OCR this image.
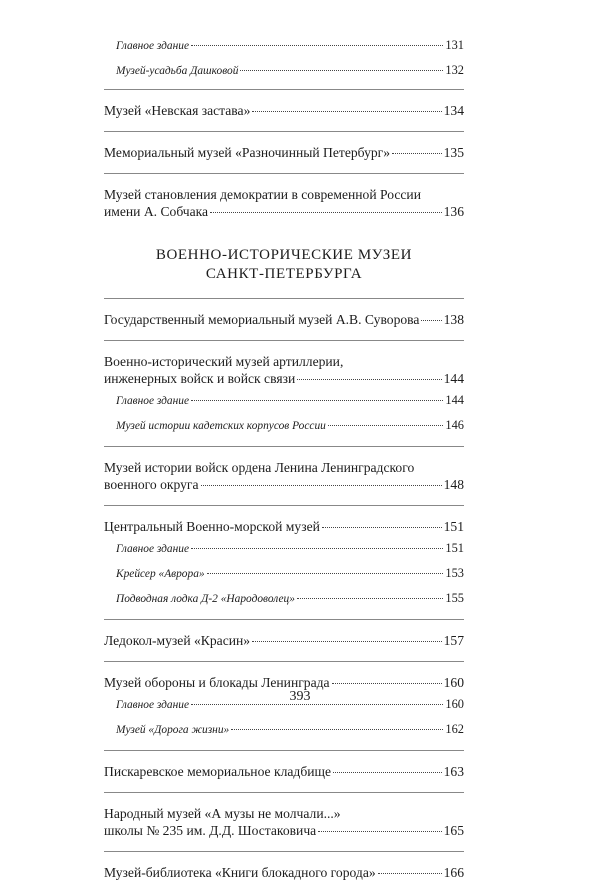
Главное здание	131
Музей-усадьба Дашковой	132
Музей «Невская застава»	134
Мемориальный музей «Разночинный Петербург»	135
Музей становления демократии в современной России
имени А. Собчака	136
ВОЕННО-ИСТОРИЧЕСКИЕ МУЗЕИ
САНКТ-ПЕТЕРБУРГА
Государственный мемориальный музей А.В. Суворова 138
Военно-исторический музей артиллерии,
инженерных войск и войск связи	144
Главное здание	144
Музей истории кадетских корпусов России	146
Музей истории войск ордена Ленина Ленинградского
военного округа	148
Центральный Военно-морской музей	151
Главное здание	151
Крейсер «Аврора»	153
Подводная лодка Д-2 «Народоволец»	155
Ледокол-музей «Красин»	157
Музей обороны и блокады Ленинграда	160
Главное здание	160
Музей «Дорога жизни»	162
Пискаревское мемориальное кладбище	163
Народный музей «А музы не молчали...»
школы № 235 им. Д.Д. Шостаковича	165
Музей-библиотека «Книги блокадного города»	166
393
